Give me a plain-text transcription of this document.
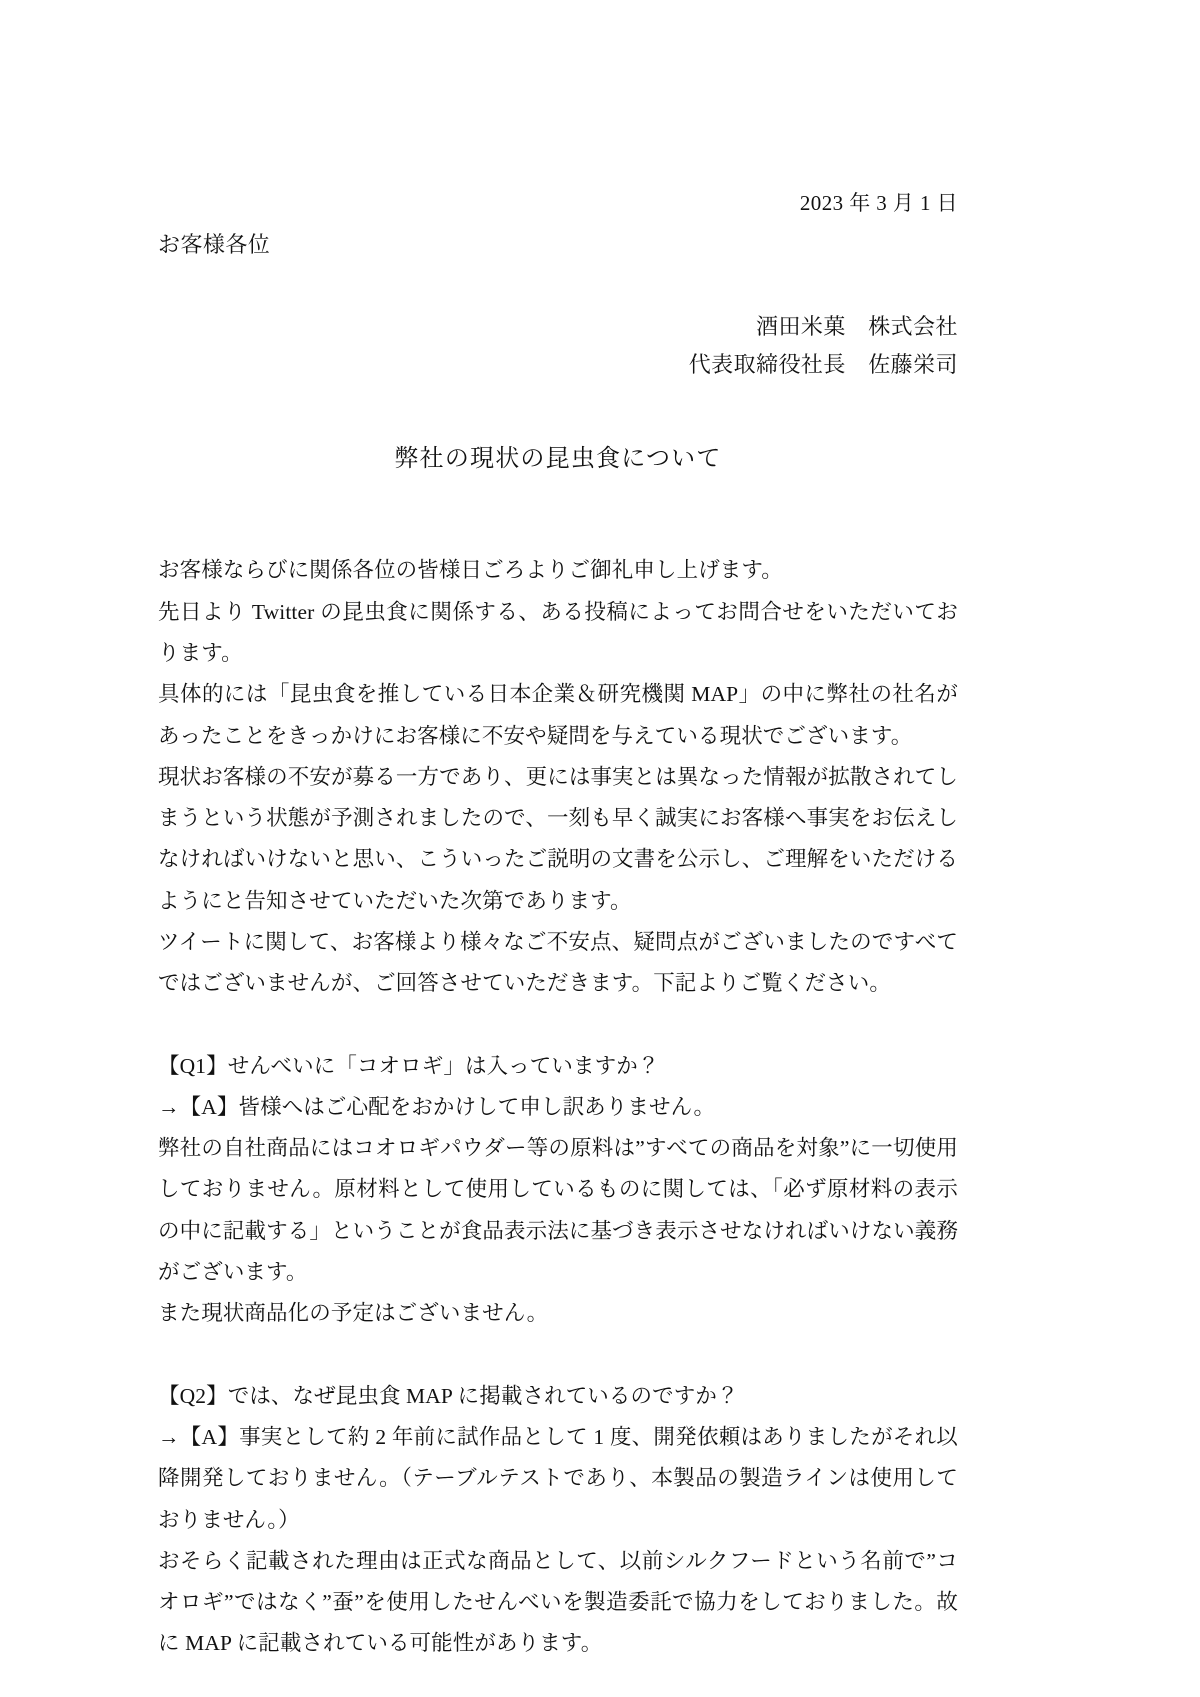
2023 年 3 月 1 日
お客様各位
酒田米菓　株式会社
代表取締役社長　佐藤栄司
弊社の現状の昆虫食について

お客様ならびに関係各位の皆様日ごろよりご御礼申し上げます。

先日より Twitter の昆虫食に関係する、ある投稿によってお問合せをいただいております。

具体的には「昆虫食を推している日本企業＆研究機関 MAP」の中に弊社の社名があったことをきっかけにお客様に不安や疑問を与えている現状でございます。

現状お客様の不安が募る一方であり、更には事実とは異なった情報が拡散されてしまうという状態が予測されましたので、一刻も早く誠実にお客様へ事実をお伝えしなければいけないと思い、こういったご説明の文書を公示し、ご理解をいただけるようにと告知させていただいた次第であります。

ツイートに関して、お客様より様々なご不安点、疑問点がございましたのですべてではございませんが、ご回答させていただきます。下記よりご覧ください。

【Q1】せんべいに「コオロギ」は入っていますか？

→【A】皆様へはご心配をおかけして申し訳ありません。

弊社の自社商品にはコオロギパウダー等の原料は”すべての商品を対象”に一切使用しておりません。原材料として使用しているものに関しては、「必ず原材料の表示の中に記載する」ということが食品表示法に基づき表示させなければいけない義務がございます。

また現状商品化の予定はございません。

【Q2】では、なぜ昆虫食 MAP に掲載されているのですか？

→【A】事実として約 2 年前に試作品として 1 度、開発依頼はありましたがそれ以降開発しておりません。（テーブルテストであり、本製品の製造ラインは使用しておりません。）

おそらく記載された理由は正式な商品として、以前シルクフードという名前で”コオロギ”ではなく”蚕”を使用したせんべいを製造委託で協力をしておりました。故に MAP に記載されている可能性があります。
